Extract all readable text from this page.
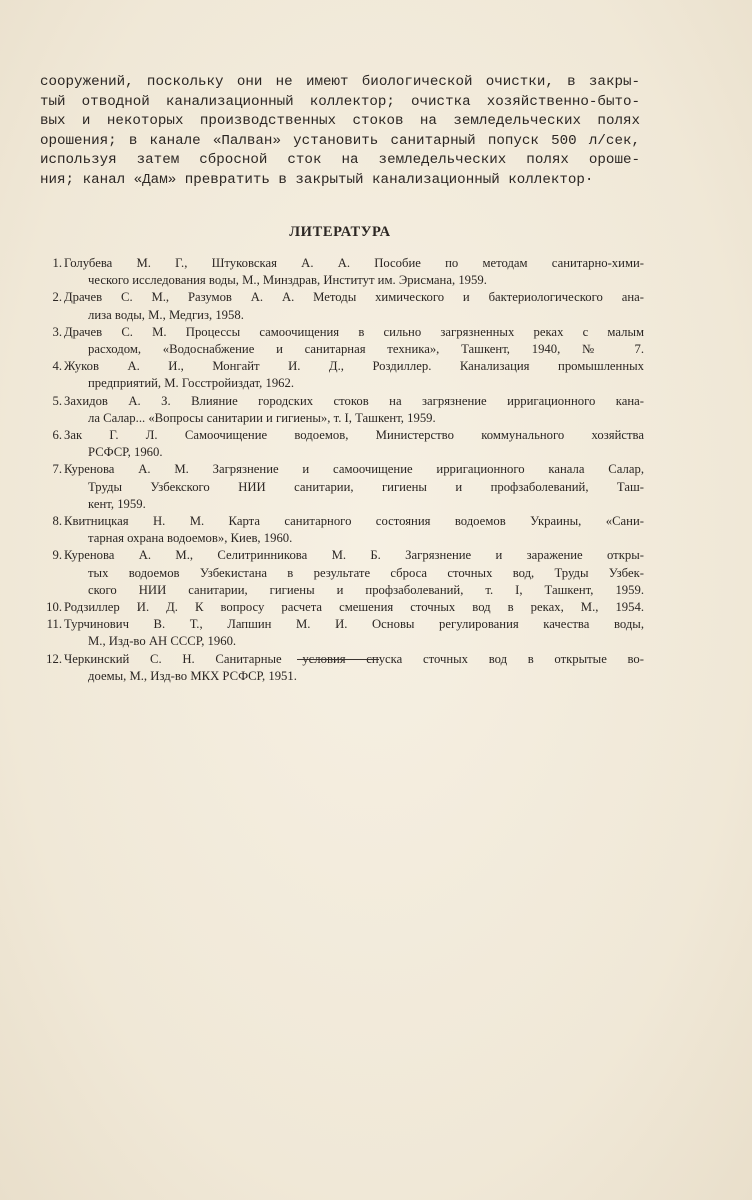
сооружений, поскольку они не имеют биологической очистки, в закры-
тый отводной канализационный коллектор; очистка хозяйственно-быто-
вых и некоторых производственных стоков на земледельческих полях
орошения; в канале «Палван» установить санитарный попуск 500 л/сек,
используя затем сбросной сток на земледельческих полях ороше-
ния; канал «Дам» превратить в закрытый канализационный коллектор·
ЛИТЕРАТУРА
1. Голубева М. Г., Штуковская А. А. Пособие по методам санитарно-хими-
ческого исследования воды, М., Минздрав, Институт им. Эрисмана, 1959.
2. Драчев С. М., Разумов А. А. Методы химического и бактериологического ана-
лиза воды, М., Медгиз, 1958.
3. Драчев С. М. Процессы самоочищения в сильно загрязненных реках с малым
расходом, «Водоснабжение и санитарная техника», Ташкент, 1940, № 7.
4. Жуков А. И., Монгайт И. Д., Роздиллер. Канализация промышленных
предприятий, М. Госстройиздат, 1962.
5. Захидов А. З. Влияние городских стоков на загрязнение ирригационного кана-
ла Салар... «Вопросы санитарии и гигиены», т. I, Ташкент, 1959.
6. Зак Г. Л. Самоочищение водоемов, Министерство коммунального хозяйства
РСФСР, 1960.
7. Куренова А. М. Загрязнение и самоочищение ирригационного канала Салар,
Труды Узбекского НИИ санитарии, гигиены и профзаболеваний, Таш-
кент, 1959.
8. Квитницкая Н. М. Карта санитарного состояния водоемов Украины, «Сани-
тарная охрана водоемов», Киев, 1960.
9. Куренова А. М., Селитринникова М. Б. Загрязнение и заражение откры-
тых водоемов Узбекистана в результате сброса сточных вод, Труды Узбек-
ского НИИ санитарии, гигиены и профзаболеваний, т. I, Ташкент, 1959.
10. Родзиллер И. Д. К вопросу расчета смешения сточных вод в реках, М., 1954.
11. Турчинович В. Т., Лапшин М. И. Основы регулирования качества воды,
М., Изд-во АН СССР, 1960.
12. Черкинский С. Н. Санитарные условия спуска сточных вод в открытые во-
доемы, М., Изд-во МКХ РСФСР, 1951.
